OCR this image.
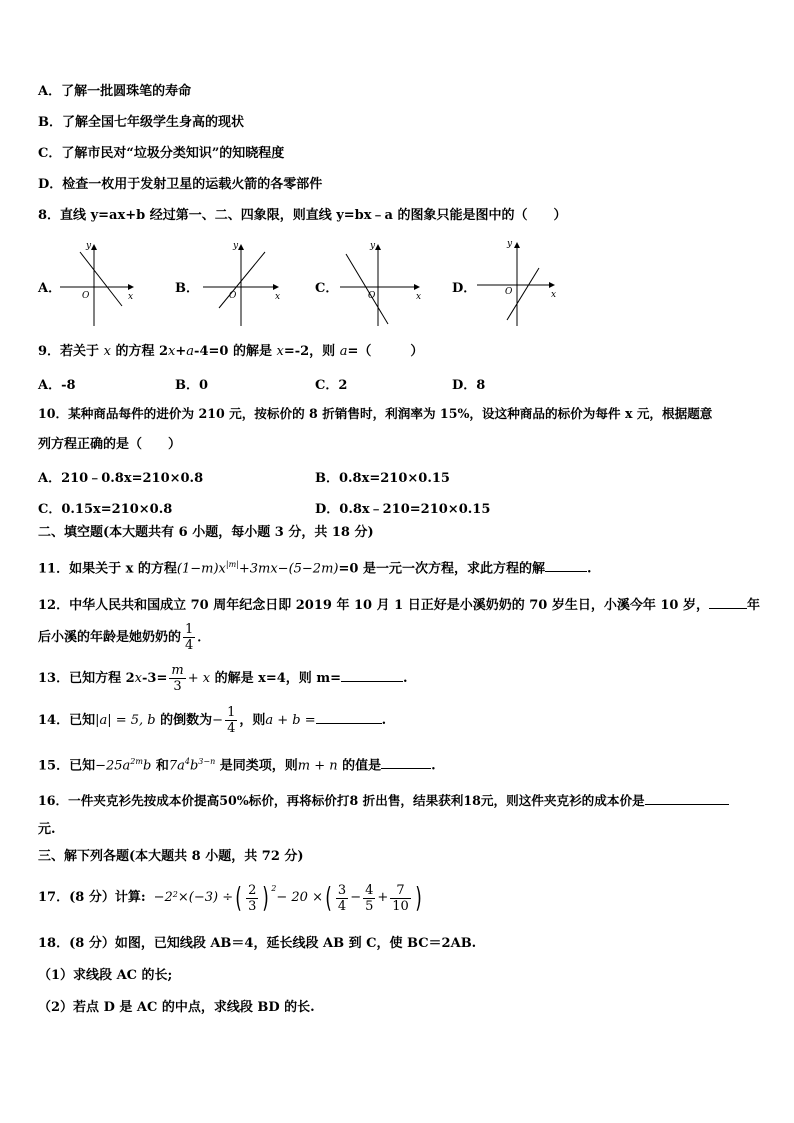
A．了解一批圆珠笔的寿命
B．了解全国七年级学生身高的现状
C．了解市民对“垃圾分类知识”的知晓程度
D．检查一枚用于发射卫星的运载火箭的各零部件
8．直线 y=ax+b 经过第一、二、四象限，则直线 y=bx﹣a 的图象只能是图中的（　　）
A．	B．	C．	D．
y
x
O
y
x
O
y
x
O
y
x
O
9．若关于 x 的方程 2x+a-4=0 的解是 x=-2，则 a=（　　　）
A．-8	B．0	C．2	D．8
10．某种商品每件的进价为 210 元，按标价的 8 折销售时，利润率为 15%，设这种商品的标价为每件 x 元，根据题意
列方程正确的是（　　）
A．210﹣0.8x=210×0.8	B．0.8x=210×0.15
C．0.15x=210×0.8	D．0.8x﹣210=210×0.15
二、填空题(本大题共有 6 小题，每小题 3 分，共 18 分)
11．如果关于 x 的方程$(1-m)x^{|m|}+3mx-(5-2m)=0$ 是一元一次方程，求此方程的解	.
12．中华人民共和国成立 70 周年纪念日即 2019 年 10 月 1 日正好是小溪奶奶的 70 岁生日，小溪今年 10 岁，	年
后小溪的年龄是她奶奶的 $\frac{1}{4}$ ．
13．已知方程 $2x-3= \frac{m}{3} + x$ 的解是 x=4，则 m=	.
14．已知|a| = 5, b 的倒数为− $\frac{1}{4}$ ，则a + b =	.
15．已知$-25a^{2m}b$ 和$7a^4b^{3-n}$ 是同类项，则m + n 的值是	.
16．一件夹克衫先按成本价提高50%标价，再将标价打8 折出售，结果获利18元，则这件夹克衫的成本价是
元.
三、解下列各题(本大题共 8 小题，共 72 分)
17．(8 分）计算: $-2^2 \times(-3)$ ÷ ( $\frac{2}{3}$ ) $^2$
− 20 × ( $\frac{3}{4} - \frac{4}{5} + \frac{7}{10}$ )
18．(8 分）如图，已知线段 AB＝4，延长线段 AB 到 C，使 BC＝2AB.
（1）求线段 AC 的长;
（2）若点 D 是 AC 的中点，求线段 BD 的长.
